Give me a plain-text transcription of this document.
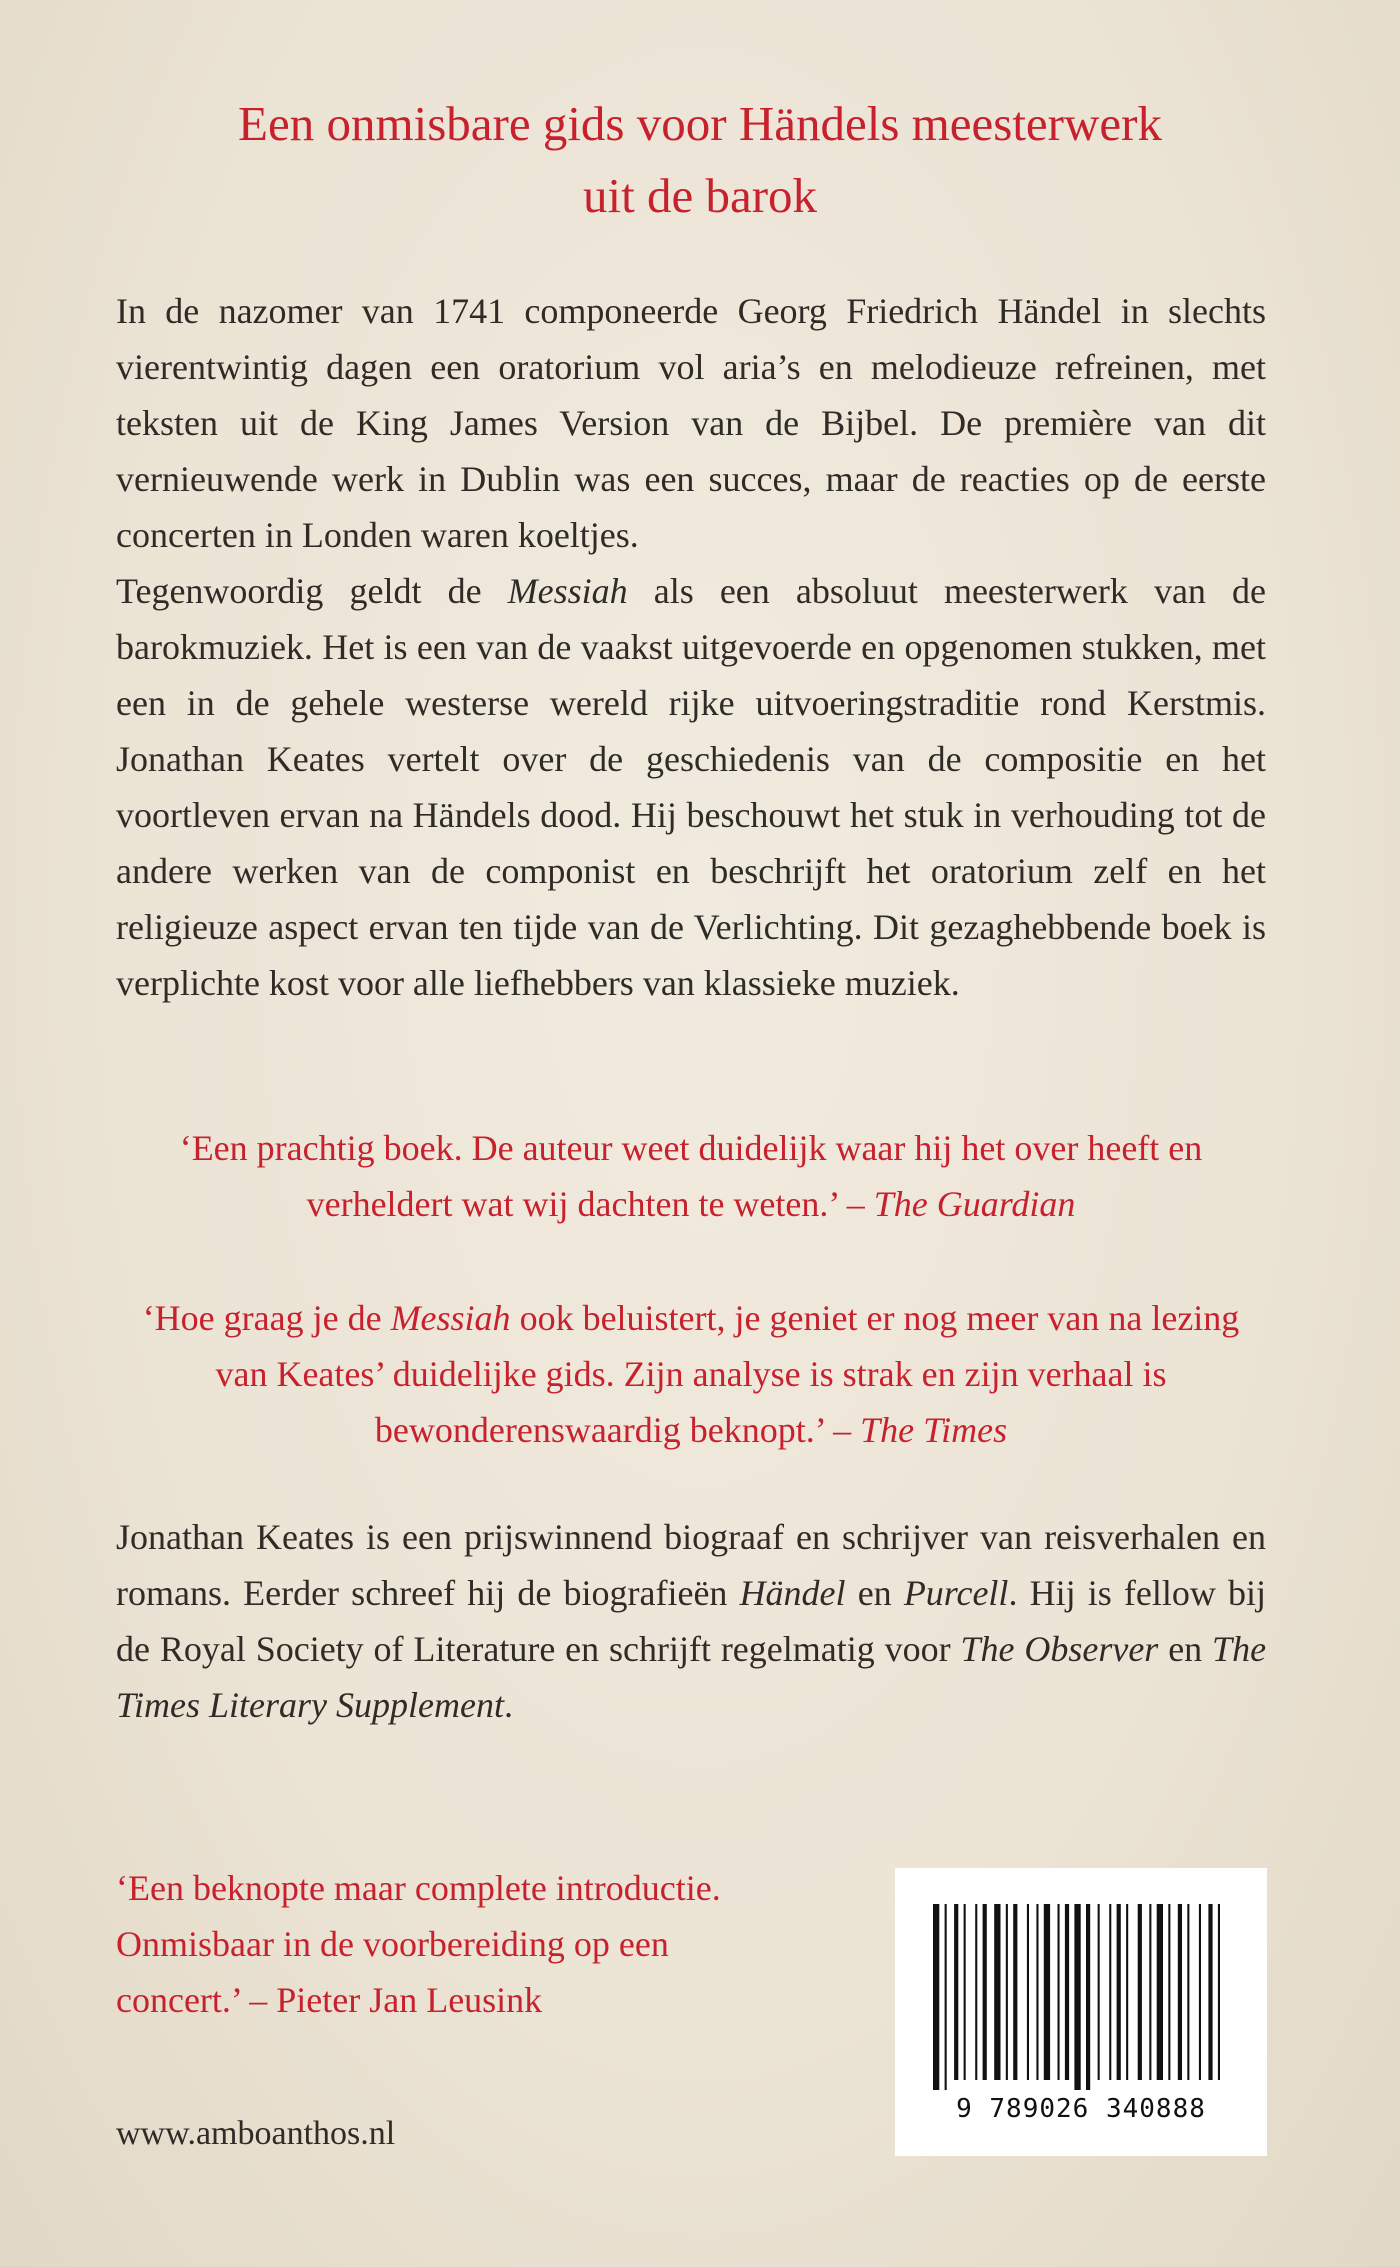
Een onmisbare gids voor Händels meesterwerk
uit de barok

In de nazomer van 1741 componeerde Georg Friedrich Händel in slechts vierentwintig dagen een oratorium vol aria’s en melodieuze refreinen, met teksten uit de King James Version van de Bijbel. De première van dit vernieuwende werk in Dublin was een succes, maar de reacties op de eerste concerten in Londen waren koeltjes.
Tegenwoordig geldt de Messiah als een absoluut meesterwerk van de barokmuziek. Het is een van de vaakst uitgevoerde en opgenomen stukken, met een in de gehele westerse wereld rijke uitvoeringstraditie rond Kerstmis. Jonathan Keates vertelt over de geschiedenis van de compositie en het voortleven ervan na Händels dood. Hij beschouwt het stuk in verhouding tot de andere werken van de componist en beschrijft het oratorium zelf en het religieuze aspect ervan ten tijde van de Verlichting. Dit gezaghebbende boek is verplichte kost voor alle liefhebbers van klassieke muziek.

‘Een prachtig boek. De auteur weet duidelijk waar hij het over heeft en verheldert wat wij dachten te weten.’ – The Guardian

‘Hoe graag je de Messiah ook beluistert, je geniet er nog meer van na lezing van Keates’ duidelijke gids. Zijn analyse is strak en zijn verhaal is bewonderenswaardig beknopt.’ – The Times

Jonathan Keates is een prijswinnend biograaf en schrijver van reisverhalen en romans. Eerder schreef hij de biografieën Händel en Purcell. Hij is fellow bij de Royal Society of Literature en schrijft regelmatig voor The Observer en The Times Literary Supplement.

‘Een beknopte maar complete introductie.
Onmisbaar in de voorbereiding op een
concert.’ – Pieter Jan Leusink

www.amboanthos.nl
9 789026 340888
